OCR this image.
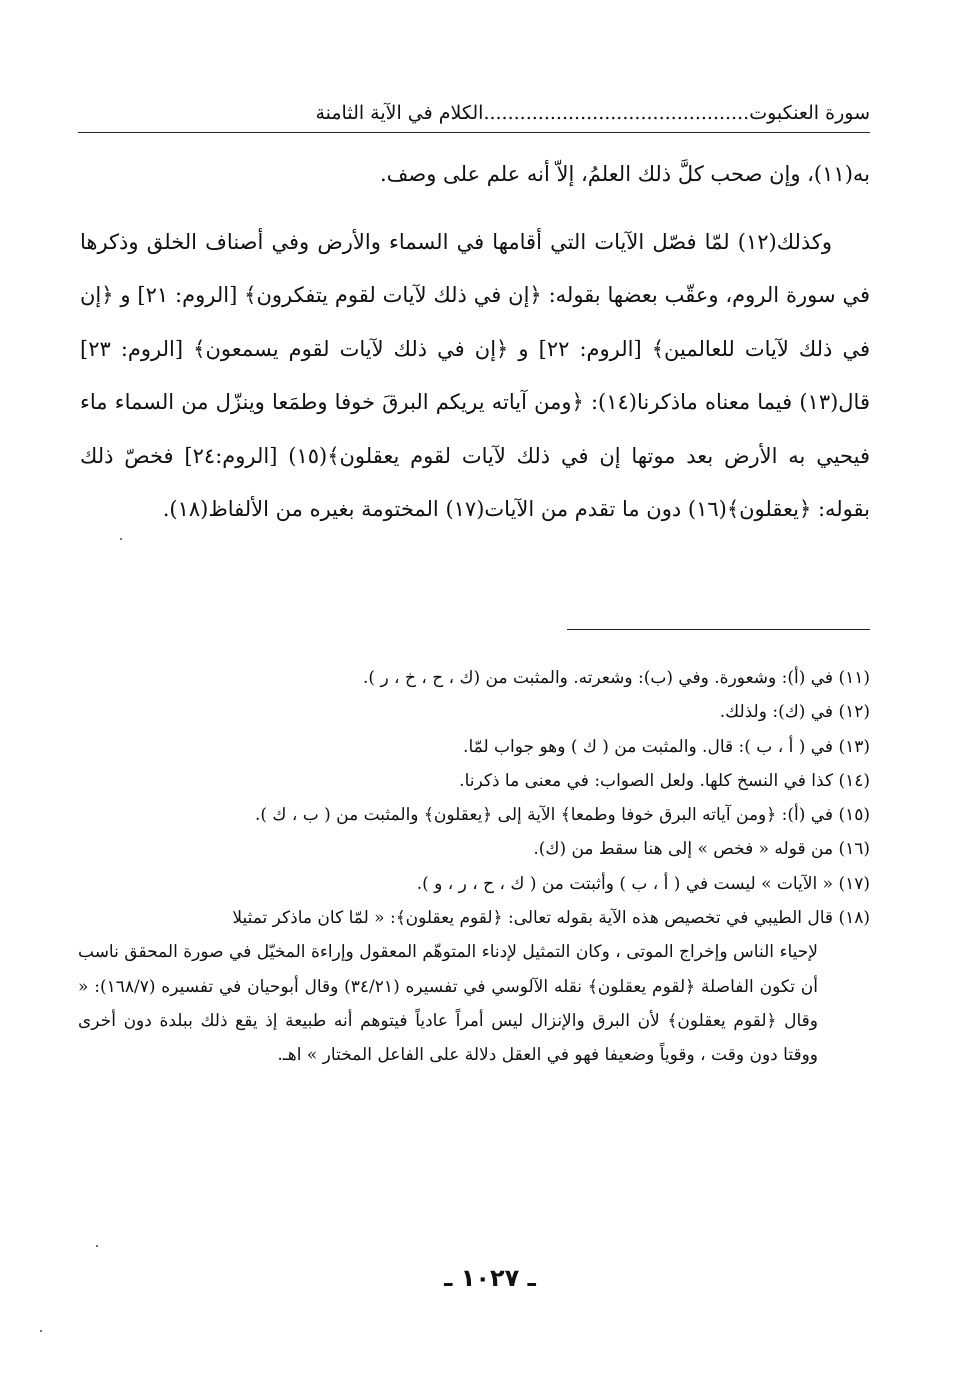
سورة العنكبوت............................................الكلام في الآية الثامنة

به(١١)، وإن صحب كلَّ ذلك العلمُ، إلاّ أنه علم على وصف.

وكذلك(١٢) لمّا فصّل الآيات التي أقامها في السماء والأرض وفي أصناف الخلق وذكرها في سورة الروم، وعقّب بعضها بقوله: ﴿إن في ذلك لآيات لقوم يتفكرون﴾ [الروم: ٢١] و ﴿إن في ذلك لآيات للعالمين﴾ [الروم: ٢٢] و ﴿إن في ذلك لآيات لقوم يسمعون﴾ [الروم: ٢٣] قال(١٣) فيما معناه ماذكرنا(١٤): ﴿ومن آياته يريكم البرقَ خوفا وطمَعا وينزّل من السماء ماء فيحيي به الأرض بعد موتها إن في ذلك لآيات لقوم يعقلون﴾(١٥) [الروم:٢٤] فخصّ ذلك بقوله: ﴿يعقلون﴾(١٦) دون ما تقدم من الآيات(١٧) المختومة بغيره من الألفاظ(١٨).

(١١) في (أ): وشعورة. وفي (ب): وشعرته. والمثبت من (ك ، ح ، خ ، ر ).

(١٢) في (ك): ولذلك.

(١٣) في ( أ ، ب ): قال. والمثبت من ( ك ) وهو جواب لمّا.

(١٤) كذا في النسخ كلها. ولعل الصواب: في معنى ما ذكرنا.

(١٥) في (أ): ﴿ومن آياته البرق خوفا وطمعا﴾ الآية إلى ﴿يعقلون﴾ والمثبت من ( ب ، ك ).

(١٦) من قوله « فخص » إلى هنا سقط من (ك).

(١٧) « الآيات » ليست في ( أ ، ب ) وأثبتت من ( ك ، ح ، ر ، و ).

(١٨) قال الطيبي في تخصيص هذه الآية بقوله تعالى: ﴿لقوم يعقلون﴾: « لمّا كان ماذكر تمثيلا
لإحياء الناس وإخراج الموتى ، وكان التمثيل لإدناء المتوهّم المعقول وإراءة المخيّل في صورة المحقق ناسب أن تكون الفاصلة ﴿لقوم يعقلون﴾ نقله الآلوسي في تفسيره (٣٤/٢١) وقال أبوحيان في تفسيره (١٦٨/٧): « وقال ﴿لقوم يعقلون﴾ لأن البرق والإنزال ليس أمراً عادياً فيتوهم أنه طبيعة إذ يقع ذلك ببلدة دون أخرى ووقتا دون وقت ، وقوياً وضعيفا فهو في العقل دلالة على الفاعل المختار » اهـ.
ـ ١٠٢٧ ـ
